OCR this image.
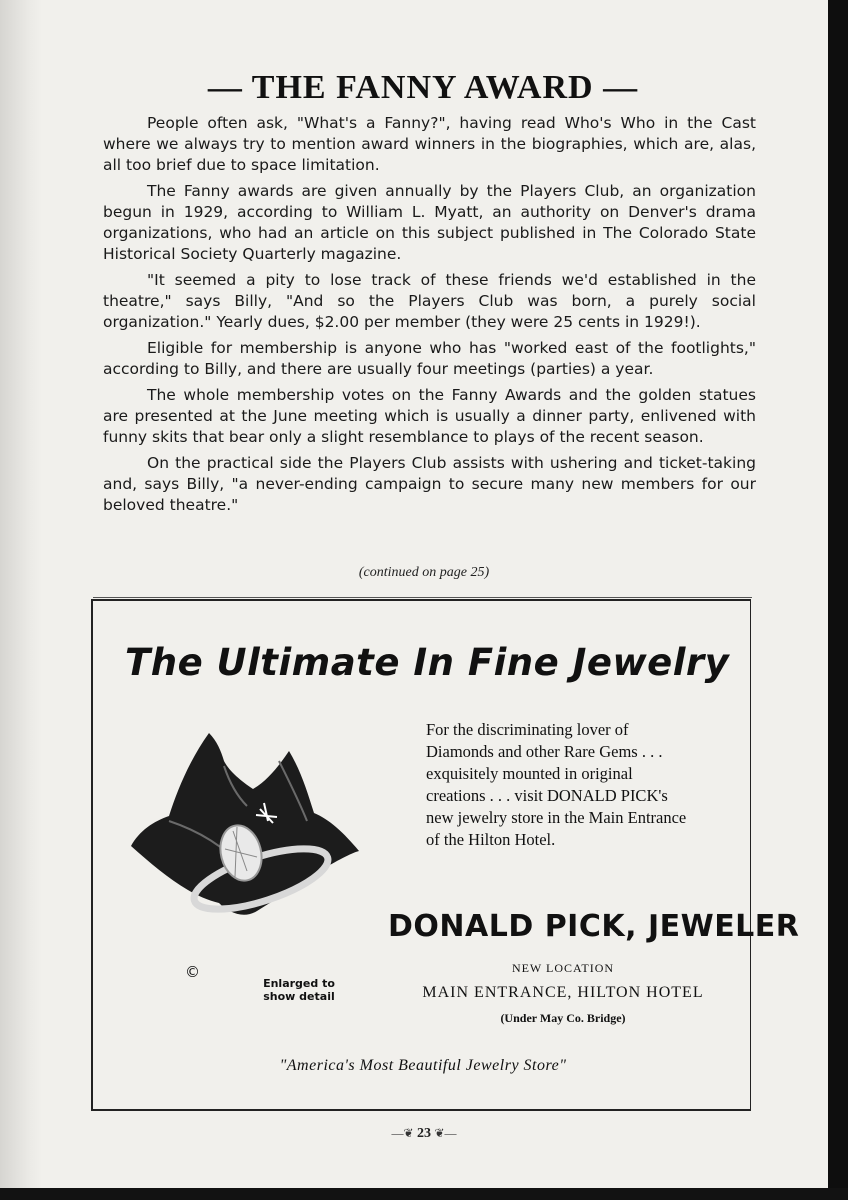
— THE FANNY AWARD —

People often ask, "What's a Fanny?", having read Who's Who in the Cast where we always try to mention award winners in the biographies, which are, alas, all too brief due to space limitation.

The Fanny awards are given annually by the Players Club, an organization begun in 1929, according to William L. Myatt, an authority on Denver's drama organizations, who had an article on this subject published in The Colorado State Historical Society Quarterly magazine.

"It seemed a pity to lose track of these friends we'd established in the theatre," says Billy, "And so the Players Club was born, a purely social organization." Yearly dues, $2.00 per member (they were 25 cents in 1929!).

Eligible for membership is anyone who has "worked east of the footlights," according to Billy, and there are usually four meetings (parties) a year.

The whole membership votes on the Fanny Awards and the golden statues are presented at the June meeting which is usually a dinner party, enlivened with funny skits that bear only a slight resemblance to plays of the recent season.

On the practical side the Players Club assists with ushering and ticket-taking and, says Billy, "a never-ending campaign to secure many new members for our beloved theatre."

(continued on page 25)
The Ultimate In Fine Jewelry
©
Enlarged to show detail
For the discriminating lover of Diamonds and other Rare Gems . . . exquisitely mounted in original creations . . . visit DONALD PICK's new jewelry store in the Main Entrance of the Hilton Hotel.
DONALD PICK, JEWELER
NEW LOCATION
MAIN ENTRANCE, HILTON HOTEL
(Under May Co. Bridge)
"America's Most Beautiful Jewelry Store"
—❦ 23 ❦—
